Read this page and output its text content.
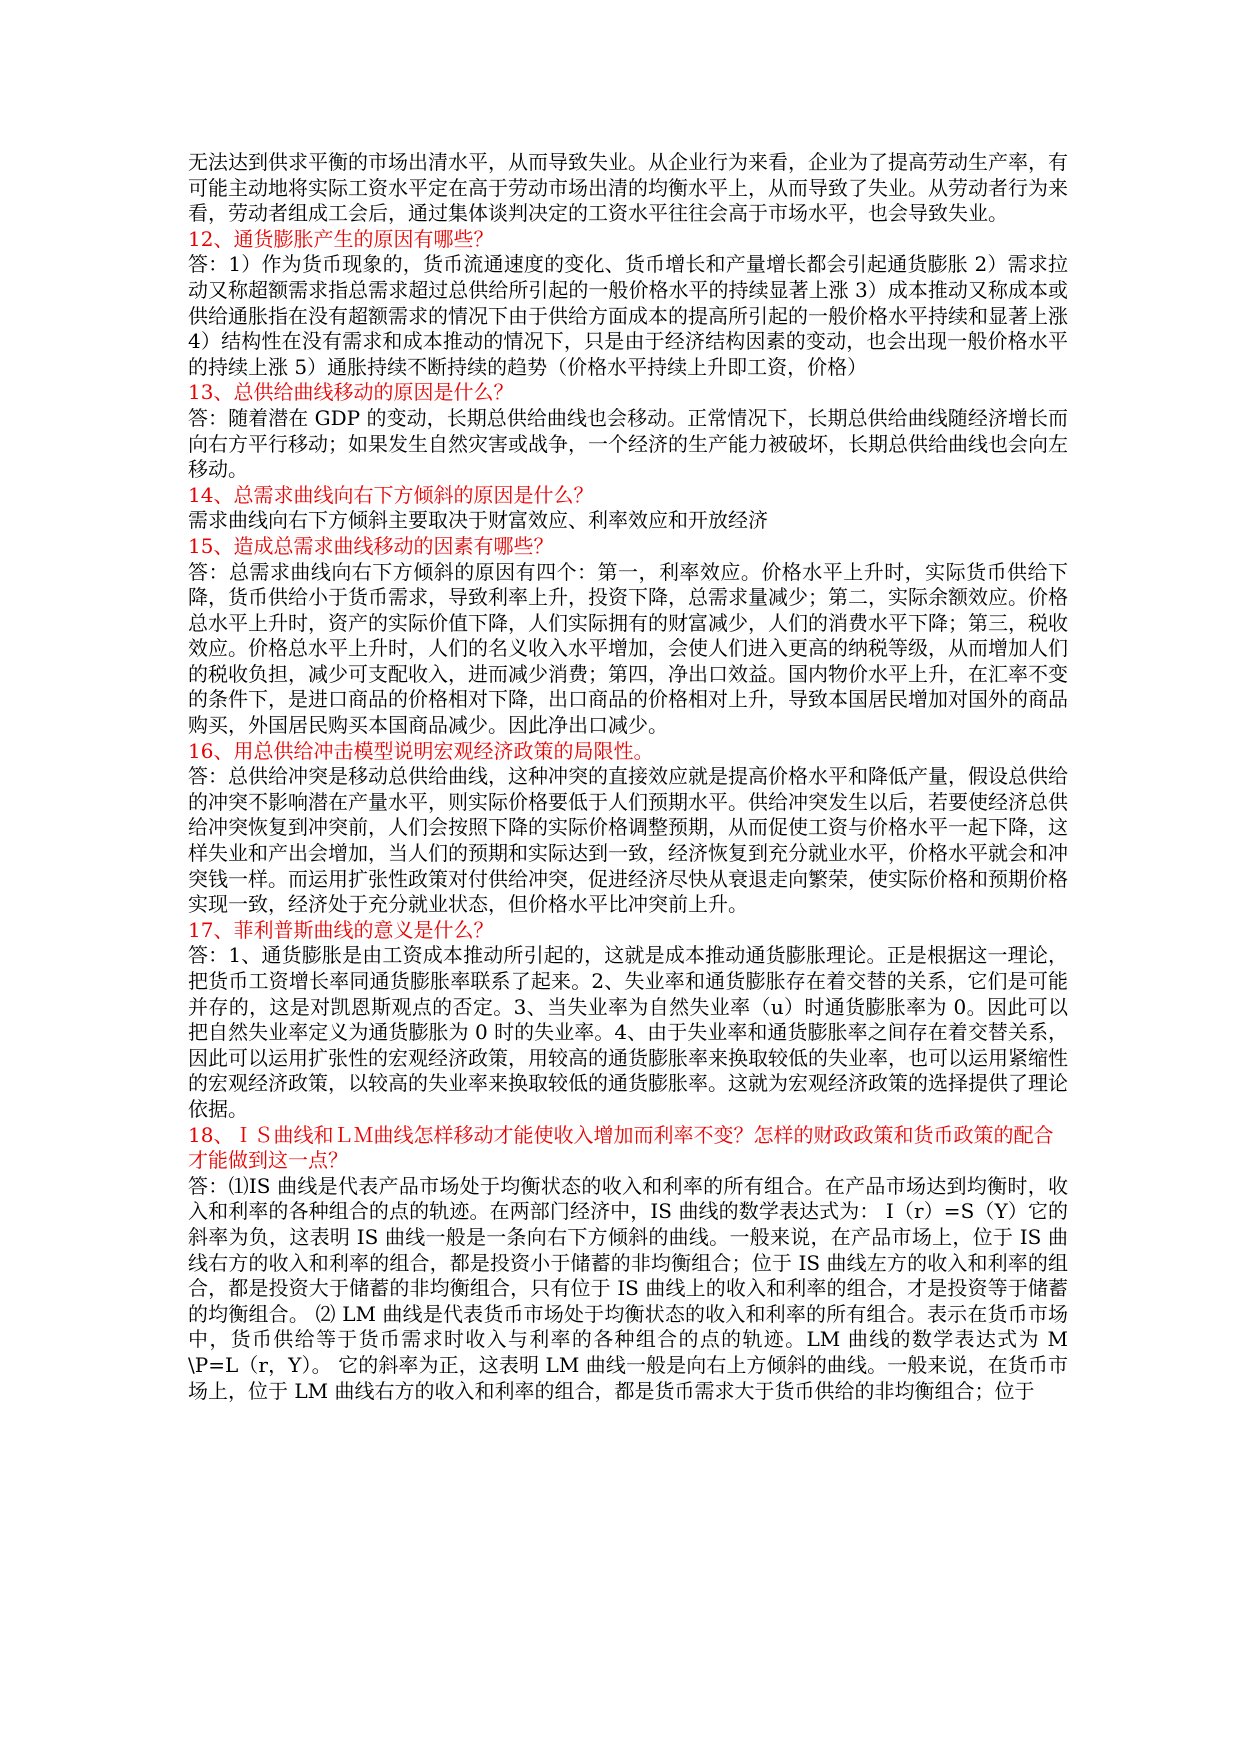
无法达到供求平衡的市场出清水平，从而导致失业。从企业行为来看，企业为了提高劳动生产率，有可能主动地将实际工资水平定在高于劳动市场出清的均衡水平上，从而导致了失业。从劳动者行为来看，劳动者组成工会后，通过集体谈判决定的工资水平往往会高于市场水平，也会导致失业。

12、通货膨胀产生的原因有哪些？

答：1）作为货币现象的，货币流通速度的变化、货币增长和产量增长都会引起通货膨胀 2）需求拉动又称超额需求指总需求超过总供给所引起的一般价格水平的持续显著上涨 3）成本推动又称成本或供给通胀指在没有超额需求的情况下由于供给方面成本的提高所引起的一般价格水平持续和显著上涨 4）结构性在没有需求和成本推动的情况下，只是由于经济结构因素的变动，也会出现一般价格水平的持续上涨 5）通胀持续不断持续的趋势（价格水平持续上升即工资，价格）

13、总供给曲线移动的原因是什么？

答：随着潜在 GDP 的变动，长期总供给曲线也会移动。正常情况下，长期总供给曲线随经济增长而向右方平行移动；如果发生自然灾害或战争，一个经济的生产能力被破坏，长期总供给曲线也会向左移动。

14、总需求曲线向右下方倾斜的原因是什么？

需求曲线向右下方倾斜主要取决于财富效应、利率效应和开放经济

15、造成总需求曲线移动的因素有哪些？

答：总需求曲线向右下方倾斜的原因有四个：第一，利率效应。价格水平上升时，实际货币供给下降，货币供给小于货币需求，导致利率上升，投资下降，总需求量减少；第二，实际余额效应。价格总水平上升时，资产的实际价值下降，人们实际拥有的财富减少，人们的消费水平下降；第三，税收效应。价格总水平上升时，人们的名义收入水平增加，会使人们进入更高的纳税等级，从而增加人们的税收负担，减少可支配收入，进而减少消费；第四，净出口效益。国内物价水平上升，在汇率不变的条件下，是进口商品的价格相对下降，出口商品的价格相对上升，导致本国居民增加对国外的商品购买，外国居民购买本国商品减少。因此净出口减少。

16、用总供给冲击模型说明宏观经济政策的局限性。

答：总供给冲突是移动总供给曲线，这种冲突的直接效应就是提高价格水平和降低产量，假设总供给的冲突不影响潜在产量水平，则实际价格要低于人们预期水平。供给冲突发生以后，若要使经济总供给冲突恢复到冲突前，人们会按照下降的实际价格调整预期，从而促使工资与价格水平一起下降，这样失业和产出会增加，当人们的预期和实际达到一致，经济恢复到充分就业水平，价格水平就会和冲突钱一样。而运用扩张性政策对付供给冲突，促进经济尽快从衰退走向繁荣，使实际价格和预期价格实现一致，经济处于充分就业状态，但价格水平比冲突前上升。

17、菲利普斯曲线的意义是什么？

答：1、通货膨胀是由工资成本推动所引起的，这就是成本推动通货膨胀理论。正是根据这一理论，把货币工资增长率同通货膨胀率联系了起来。2、失业率和通货膨胀存在着交替的关系，它们是可能并存的，这是对凯恩斯观点的否定。3、当失业率为自然失业率（u）时通货膨胀率为 0。因此可以把自然失业率定义为通货膨胀为 0 时的失业率。4、由于失业率和通货膨胀率之间存在着交替关系，因此可以运用扩张性的宏观经济政策，用较高的通货膨胀率来换取较低的失业率，也可以运用紧缩性的宏观经济政策，以较高的失业率来换取较低的通货膨胀率。这就为宏观经济政策的选择提供了理论依据。

18、ＩＳ曲线和ＬＭ曲线怎样移动才能使收入增加而利率不变？怎样的财政政策和货币政策的配合才能做到这一点？

答：⑴IS 曲线是代表产品市场处于均衡状态的收入和利率的所有组合。在产品市场达到均衡时，收入和利率的各种组合的点的轨迹。在两部门经济中，IS 曲线的数学表达式为： I（r）=S（Y）它的斜率为负，这表明 IS 曲线一般是一条向右下方倾斜的曲线。一般来说，在产品市场上，位于 IS 曲线右方的收入和利率的组合，都是投资小于储蓄的非均衡组合；位于 IS 曲线左方的收入和利率的组合，都是投资大于储蓄的非均衡组合，只有位于 IS 曲线上的收入和利率的组合，才是投资等于储蓄的均衡组合。 ⑵ LM 曲线是代表货币市场处于均衡状态的收入和利率的所有组合。表示在货币市场中，货币供给等于货币需求时收入与利率的各种组合的点的轨迹。LM 曲线的数学表达式为 M \P=L（r，Y）。 它的斜率为正，这表明 LM 曲线一般是向右上方倾斜的曲线。一般来说，在货币市场上，位于 LM 曲线右方的收入和利率的组合，都是货币需求大于货币供给的非均衡组合；位于
